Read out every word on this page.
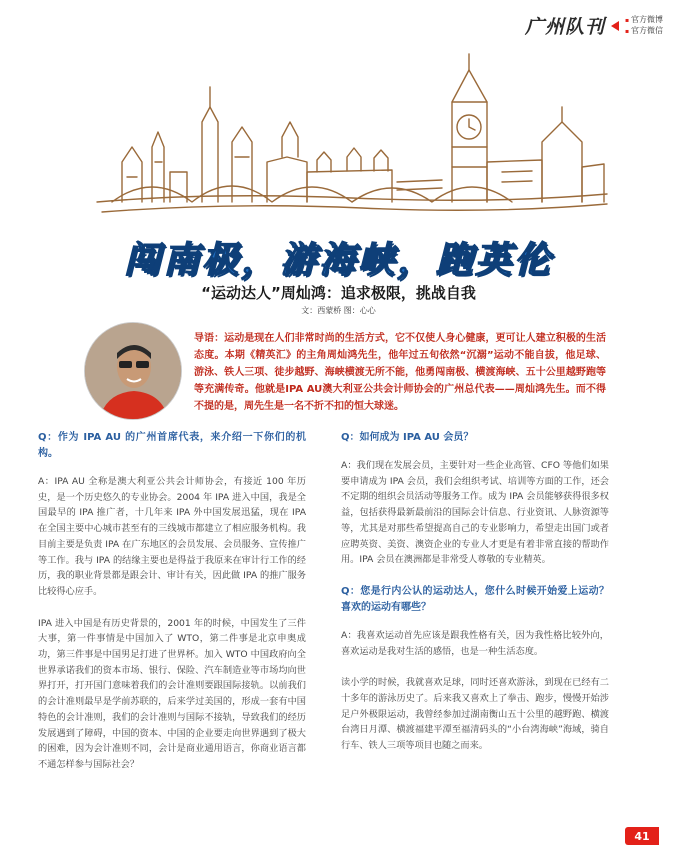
广州队刊
▪	官方微博
▪ 官方微信
闯南极，游海峡，跑英伦
“运动达人”周灿鸿：追求极限，挑战自我
文：西蒙桥 图：心心
导语：运动是现在人们非常时尚的生活方式，它不仅使人身心健康，更可让人建立积极的生活态度。本期《精英汇》的主角周灿鸿先生，他年过五旬依然“沉溺”运动不能自拔，他足球、游泳、铁人三项、徒步越野、海峡横渡无所不能，他勇闯南极、横渡海峡、五十公里越野跑等等充满传奇。他就是IPA AU澳大利亚公共会计师协会的广州总代表——周灿鸿先生。而不得不提的是，周先生是一名不折不扣的恒大球迷。
Q：作为 IPA AU 的广州首席代表，来介绍一下你们的机构。

A：IPA AU 全称是澳大利亚公共会计师协会，有接近 100 年历史，是一个历史悠久的专业协会。2004 年 IPA 进入中国，我是全国最早的 IPA 推广者，十几年来 IPA 外中国发展迅猛，现在 IPA 在全国主要中心城市甚至有的三线城市都建立了相应服务机构。我目前主要是负责 IPA 在广东地区的会员发展、会员服务、宣传推广等工作。我与 IPA 的结缘主要也是得益于我原来在审计行工作的经历，我的职业背景都是跟会计、审计有关，因此做 IPA 的推广服务比较得心应手。

IPA 进入中国是有历史背景的，2001 年的时候，中国发生了三件大事，第一件事情是中国加入了 WTO，第二件事是北京申奥成功，第三件事是中国男足打进了世界杯。加入 WTO 中国政府向全世界承诺我们的资本市场、银行、保险、汽车制造业等市场均向世界打开，打开国门意味着我们的会计准则要跟国际接轨。以前我们的会计准则最早是学前苏联的，后来学过美国的，形成一套有中国特色的会计准则，我们的会计准则与国际不接轨，导致我们的经历发展遇到了障碍，中国的资本、中国的企业要走向世界遇到了极大的困难，因为会计准则不同，会计是商业通用语言，你商业语言都不通怎样参与国际社会？

Q：如何成为 IPA AU 会员？

A：我们现在发展会员，主要针对一些企业高管、CFO 等他们如果要申请成为 IPA 会员，我们会组织考试、培训等方面的工作，还会不定期的组织会员活动等服务工作。成为 IPA 会员能够获得很多权益，包括获得最新最前沿的国际会计信息、行业资讯、人脉资源等等，尤其是对那些希望提高自己的专业影响力，希望走出国门或者应聘英资、美资、澳资企业的专业人才更是有着非常直接的帮助作用。IPA 会员在澳洲都是非常受人尊敬的专业精英。

Q：您是行内公认的运动达人，您什么时候开始爱上运动？喜欢的运动有哪些？

A：我喜欢运动首先应该是跟我性格有关，因为我性格比较外向，喜欢运动是我对生活的感悟，也是一种生活态度。

读小学的时候，我就喜欢足球，同时还喜欢游泳，到现在已经有二十多年的游泳历史了。后来我又喜欢上了拳击、跑步，慢慢开始涉足户外极限运动，我曾经参加过湖南衡山五十公里的越野跑、横渡台湾日月潭、横渡福建平潭至福清码头的“小台湾海峡”海域，骑自行车、铁人三项等项目也随之而来。

41
